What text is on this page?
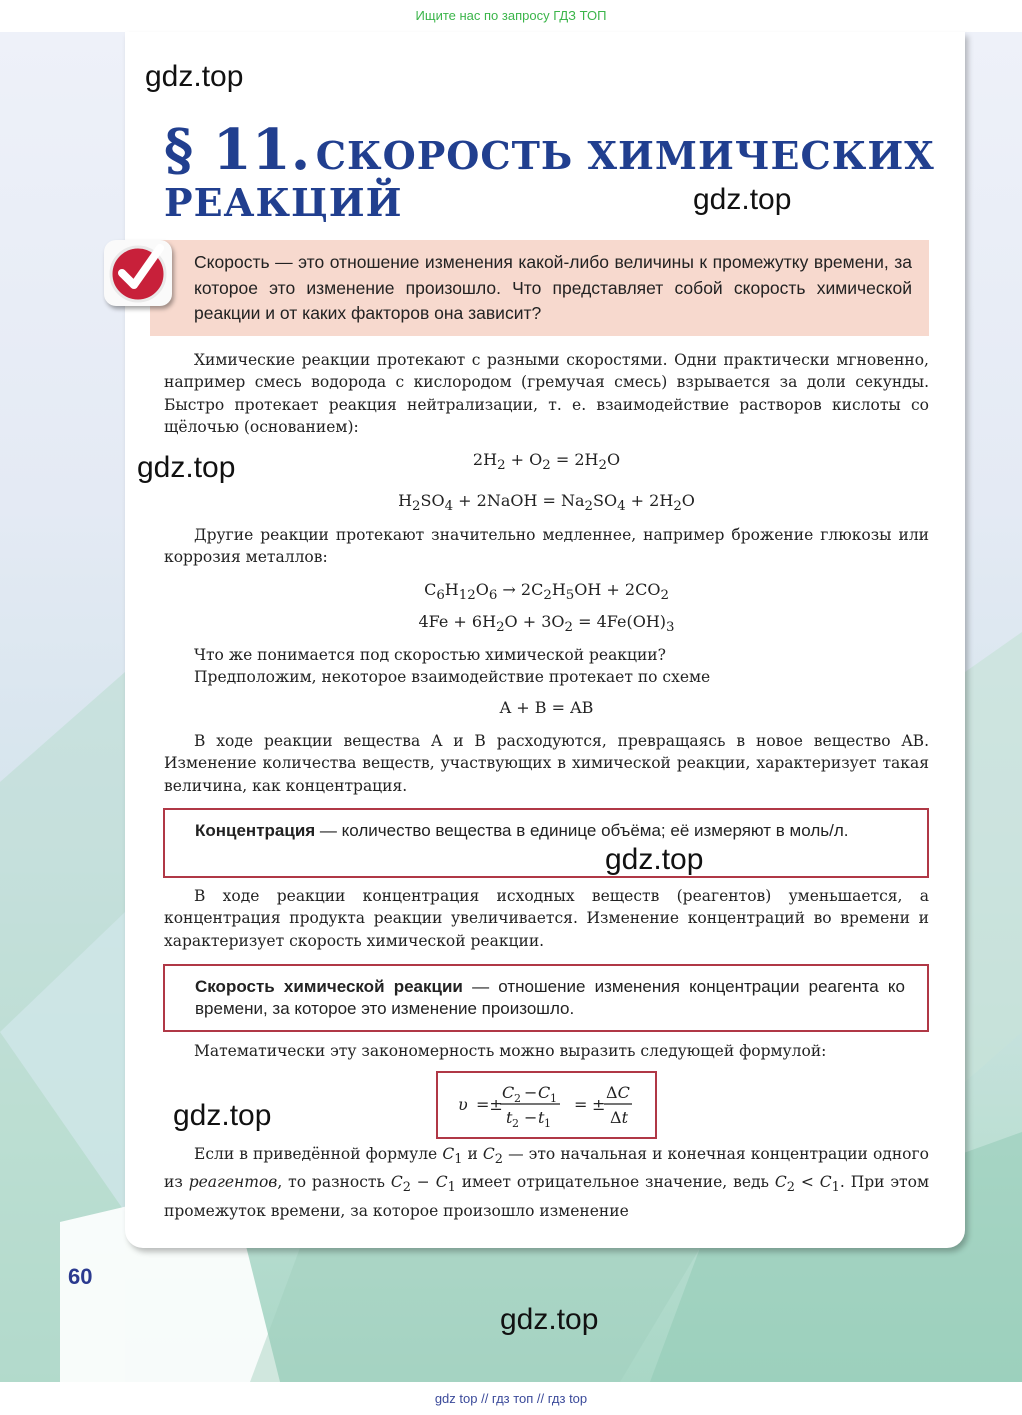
Ищите нас по запросу ГДЗ ТОП
§ 11. СКОРОСТЬ ХИМИЧЕСКИХ
РЕАКЦИЙ
Скорость — это отношение изменения какой-либо величины к промежутку времени, за которое это изменение произошло. Что представляет собой скорость химической реакции и от каких факторов она зависит?
Химические реакции протекают с разными скоростями. Одни практически мгновенно, например смесь водорода с кислородом (гремучая смесь) взрывается за доли секунды. Быстро протекает реакция нейтрализации, т. е. взаимодействие растворов кислоты со щёлочью (основанием):
$2H_2 + O_2 = 2H_2O$
$H_2SO_4$ + 2NaOH = $Na_2SO_4 + 2H_2O$
Другие реакции протекают значительно медленнее, например брожение глюкозы или коррозия металлов:
$C_6H_{12}O_6 \to 2C_2H_5OH + 2CO_2$
$4Fe + 6H_2O + 3O_2 = 4Fe(OH)_3$
Что же понимается под скоростью химической реакции?
Предположим, некоторое взаимодействие протекает по схеме
A + B = AB
В ходе реакции вещества A и B расходуются, превращаясь в новое вещество AB. Изменение количества веществ, участвующих в химической реакции, характеризует такая величина, как концентрация.
Концентрация — количество вещества в единице объёма; её измеряют в моль/л.
В ходе реакции концентрация исходных веществ (реагентов) уменьшается, а концентрация продукта реакции увеличивается. Изменение концентраций во времени и характеризует скорость химической реакции.
Скорость химической реакции — отношение изменения концентрации реагента ко времени, за которое это изменение произошло.
Математически эту закономерность можно выразить следующей формулой:
υ =±
C 2 − C 1
t 2 − t 1
= ±
ΔC
Δt
Если в приведённой формуле $C_1$ и $C_2$ — это начальная и конечная концентрации одного из реагентов, то разность $C_2 - C_1$ имеет отрицательное значение, ведь $C_2 < C_1$. При этом промежуток времени, за которое произошло изменение
gdz.top
gdz.top
gdz.top
gdz.top
gdz.top
gdz.top
60
gdz top // гдз топ // гдз top
